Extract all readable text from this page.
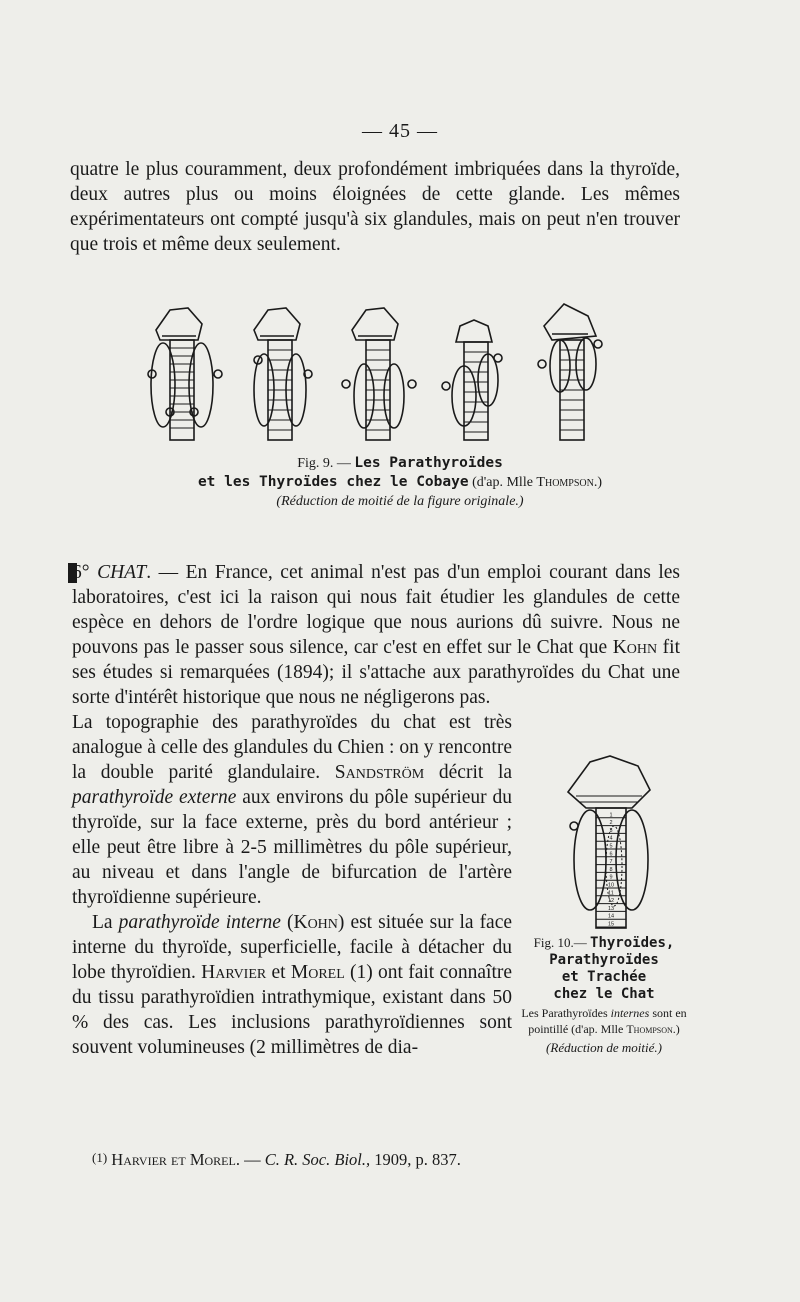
— 45 —

quatre le plus couramment, deux profondément imbriquées dans la thyroïde, deux autres plus ou moins éloignées de cette glande. Les mêmes expérimentateurs ont compté jusqu'à six glandules, mais on peut n'en trouver que trois et même deux seulement.

Fig. 9. — Les Parathyroïdes
et les Thyroïdes chez le Cobaye (d'ap. Mlle Thompson.)
(Réduction de moitié de la figure originale.)

6° CHAT. — En France, cet animal n'est pas d'un emploi courant dans les laboratoires, c'est ici la raison qui nous fait étudier les glandules de cette espèce en dehors de l'ordre logique que nous aurions dû suivre. Nous ne pouvons pas le passer sous silence, car c'est en effet sur le Chat que Kohn fit ses études si remarquées (1894); il s'attache aux parathyroïdes du Chat une sorte d'intérêt historique que nous ne négligerons pas.

La topographie des parathyroïdes du chat est très analogue à celle des glandules du Chien : on y rencontre la double parité glandulaire. Sandström décrit la parathyroïde externe aux environs du pôle supérieur du thyroïde, sur la face externe, près du bord antérieur ; elle peut être libre à 2-5 millimètres du pôle supérieur, au niveau et dans l'angle de bifurcation de l'artère thyroïdienne supérieure.

La parathyroïde interne (Kohn) est située sur la face interne du thyroïde, superficielle, facile à détacher du lobe thyroïdien. Harvier et Morel (1) ont fait connaître du tissu parathyroïdien intrathymique, existant dans 50 % des cas. Les inclusions parathyroïdiennes sont souvent volumineuses (2 millimètres de dia-

1
2
3
4
5
6
7
8
9
10
11
12
13
14
15
Fig. 10.— Thyroïdes,
Parathyroïdes
et Trachée
chez le Chat
Les Parathyroïdes internes sont en pointillé (d'ap. Mlle Thompson.)
(Réduction de moitié.)
$^{(1)}$ Harvier et Morel. — C. R. Soc. Biol., 1909, p. 837.
